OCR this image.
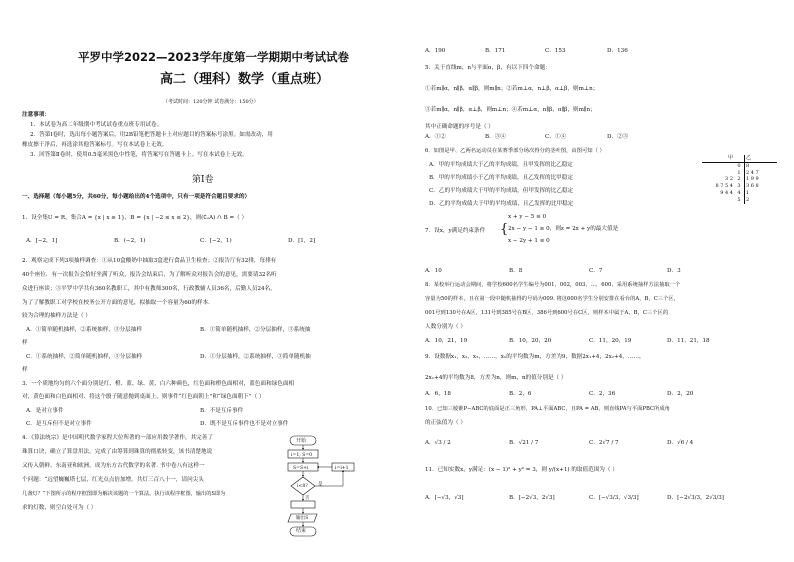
平罗中学2022—2023学年度第一学期期中考试试卷
高二（理科）数学（重点班）
（考试时间：120分钟 试卷满分：150分）
注意事项：
1．本试卷为高二年级期中考试试卷重点班专用试卷。
2．答第Ⅰ卷时，选出每小题答案后，用2B铅笔把答题卡上对应题目的答案标号涂黑。如需改动，用
橡皮擦干净后，再选涂其他答案标号。写在本试卷上无效。
3．回答第Ⅱ卷时，使用0.5毫米黑色中性笔，将答案写在答题卡上。写在本试卷上无效。
第Ⅰ卷
一、选择题（每小题5分，共60分，每小题给出的4个选项中，只有一项是符合题目要求的）
1．设全集U = R，集合A = {x | x ≥ 1}，B = {x | −2 ≤ x ≤ 2}，则(∁ᵤA) ∩ B =（ ）
A．[−2，1]	B．(−2，1)	C．[−2，1)	D．[1，2]
2．观察完成下列3项抽样调查：①从10盒酸奶中抽取3盒进行食品卫生检查；②报告厅有32排，每排有
40个座位．有一次报告会恰好坐满了听众，报告会结束后，为了解听众对报告会的意见，需要请32名听
众进行座谈；③平罗中学共有360名教职工，其中有教师300名，行政教辅人员36名，后勤人员24名，
为了了解教职工对学校在校务公开方面的意见，拟抽取一个容量为60的样本．
较为合理的抽样方法是（ ）
A．①简单随机抽样，②系统抽样，③分层抽样	B．①简单随机抽样，②分层抽样，③系统抽
样
C．①系统抽样，②简单随机抽样，③分层抽样	D．①分层抽样，②系统抽样，③简单随机抽
样
3．一个质地均匀的六个面分别是红、橙、蓝、绿、黄、白六种颜色，红色面和橙色面相对，蓝色面和绿色面相
对，黄色面和白色面相对．将这个骰子随意抛到桌面上，则事件“红色面朝上”和“绿色面朝下”（ ）
A．是对立事件	B．不是互斥事件
C．是互斥但不是对立事件	D．既不是互斥事件也不是对立事件
4．《算法统宗》是中国明代数学家程大位所著的一部应用数学著作，其完善了
珠算口诀，确立了算盘用法，完成了由筹算到珠算的彻底转变，该书清楚地说
又传入朝鲜、东南亚和欧洲，成为东方古代数学的名著. 书中卷八有这样一
个问题：“远望巍巍塔七层，红光点点倍加增，共灯三百八十一，请问尖头
几盏灯？”下图所示的程序框图即为解决该题的一个算法，执行该程序框图，输出的S即为
求的灯数，则空白处可为（ ）
开始
i=1, S=0
S=S+i	i=i+1
i<8? 是
否
输出S
结束
A．190	B．171	C．153	D．136
5．关于直线m，n与平面α，β，有以下四个命题：
①若m∥α，n∥β，α∥β，则m∥n；②若m⊥α，n⊥β，α⊥β，则m⊥n；
③若m∥α，n∥β，α⊥β，则m⊥n；④若m⊥α，n∥β，α∥β，则m∥n；
其中正确命题的序号是（ ）
A．①②	B．③④	C．①④	D．②③
6．如图是甲、乙两名运动员在某赛季部分场次得分的茎叶图，由图可知（ ）
A．甲的平均成绩大于乙的平均成绩，且甲发挥的比乙稳定
B．甲的平均成绩小于乙的平均成绩，且乙发挥的比甲稳定
C．乙的平均成绩大于甲的平均成绩，但甲发挥的比乙稳定
D．乙的平均成绩大于甲的平均成绩，且乙发挥的比甲稳定
甲		乙
	0	8
	1	2 4 7
3 2	2	1 9 9
8 7 5 4	3	3 6 8
9 4 4	4	1
	5	2
7．设x，y满足约束条件 {
x + y − 5 ≤ 0
2x − y − 1 ≥ 0，则z = 2x + y的最大值是
x − 2y + 1 ≤ 0
A．10	B．8	C．7	D．3
8．某校举行运动会期间，将学校600名学生编号为001，002，003，…，600，采用系统抽样方法抽取一个
容量为50的样本，且在第一段中随机抽得的号码为009. 将这600名学生分别安排在看台的A，B，C三个区，
001号到130号在A区，131号到385号在B区，386号到600号在C区，则样本中属于A，B，C三个区的
人数分别为（ ）
A．10，21，19	B．10，20，20	C．11，20，19	D．11，21，18
9．设数据x₁，x₂，x₃，……，xₙ的平均数为m，方差为9，数据2x₁+4，2x₂+4，……，
2xₙ+4的平均数为8，方差为n，则m，n的值分别是（ ）
A．6，18	B．2，6	C．2，36	D．2，20
10．已知三棱锥P−ABC的底面是正三角形，PA⊥平面ABC，且PA = AB，则直线PA与平面PBC所成角
的正弦值为（ ）
A．√3 / 2	B．√21 / 7	C．2√7 / 7	D．√6 / 4
11．已知实数x，y满足：(x − 1)² + y² = 3，则 y/(x+1) 的取值范围为（ ）
A．[−√3，√3]	B．[−2√3，2√3]	C．[−√3/3，√3/3]	D．[−2√3/3，2√3/3]
